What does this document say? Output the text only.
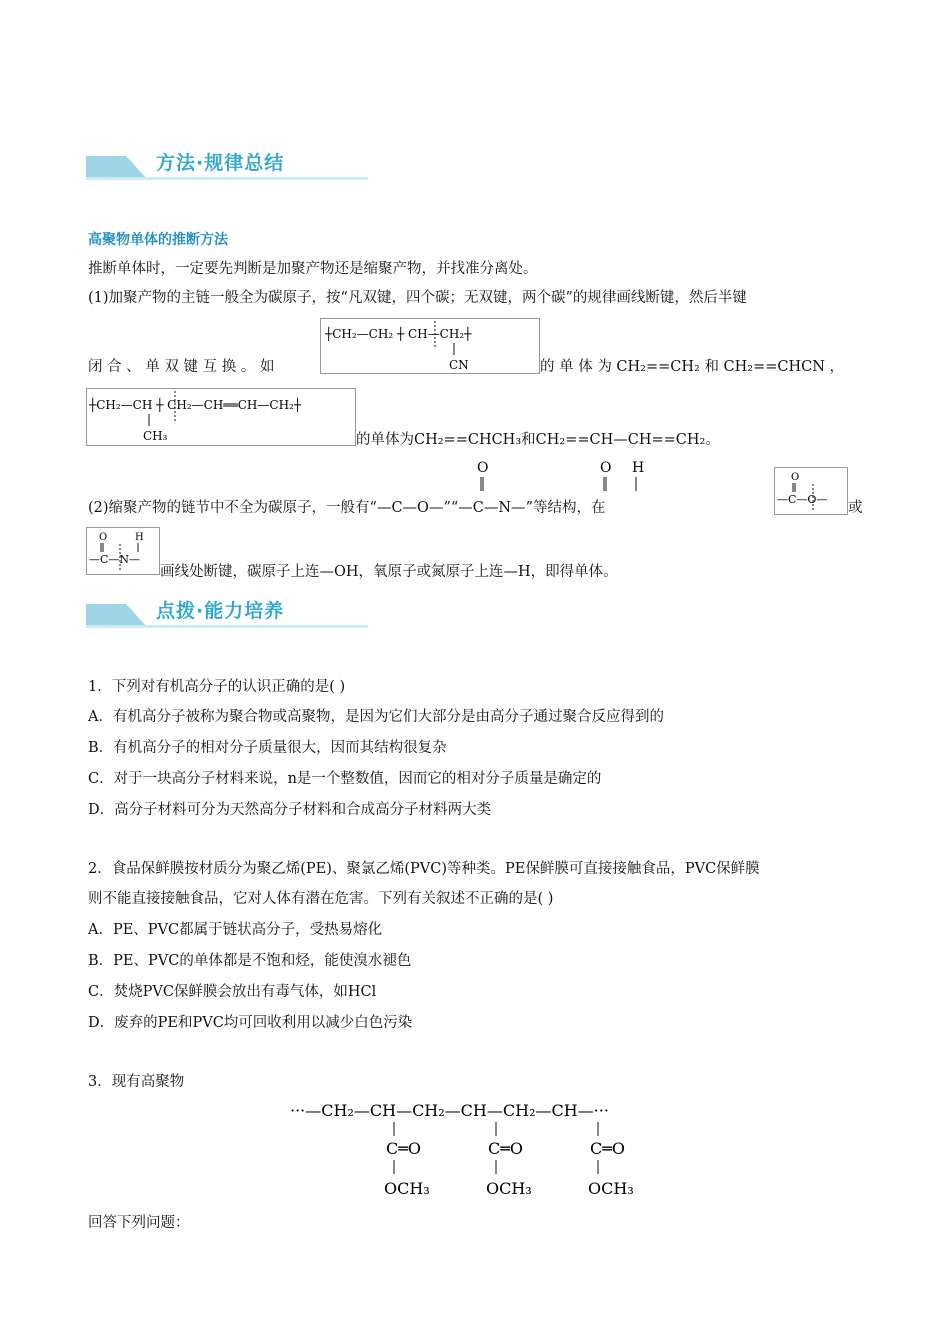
方法·规律总结
高聚物单体的推断方法
推断单体时，一定要先判断是加聚产物还是缩聚产物，并找准分离处。
(1)加聚产物的主链一般全为碳原子，按“凡双键，四个碳；无双键，两个碳”的规律画线断键，然后半键
闭 合 、 单 双 键 互 换 。 如
┼CH₂—CH₂ ┼ CH—CH₂┼
CN	的 单 体 为 CH₂==CH₂ 和 CH₂==CHCN ，
┼CH₂—CH ┼ CH₂—CH══CH—CH₂┼
CH₃	的单体为CH₂==CHCH₃和CH₂==CH—CH==CH₂。
O	O H
(2)缩聚产物的链节中不全为碳原子，一般有“—C—O—”“—C—N—”等结构，在
O
—C—O—
或
O	H
—C—N—
画线处断键，碳原子上连—OH，氧原子或氮原子上连—H，即得单体。
点拨·能力培养
1．下列对有机高分子的认识正确的是( )
A．有机高分子被称为聚合物或高聚物，是因为它们大部分是由高分子通过聚合反应得到的
B．有机高分子的相对分子质量很大，因而其结构很复杂
C．对于一块高分子材料来说，n是一个整数值，因而它的相对分子质量是确定的
D．高分子材料可分为天然高分子材料和合成高分子材料两大类
2．食品保鲜膜按材质分为聚乙烯(PE)、聚氯乙烯(PVC)等种类。PE保鲜膜可直接接触食品，PVC保鲜膜
则不能直接接触食品，它对人体有潜在危害。下列有关叙述不正确的是( )
A．PE、PVC都属于链状高分子，受热易熔化
B．PE、PVC的单体都是不饱和烃，能使溴水褪色
C．焚烧PVC保鲜膜会放出有毒气体，如HCl
D．废弃的PE和PVC均可回收利用以减少白色污染
3．现有高聚物
···—CH₂—CH—CH₂—CH—CH₂—CH—···
C═O	C═O	C═O
OCH₃	OCH₃	OCH₃
回答下列问题：
